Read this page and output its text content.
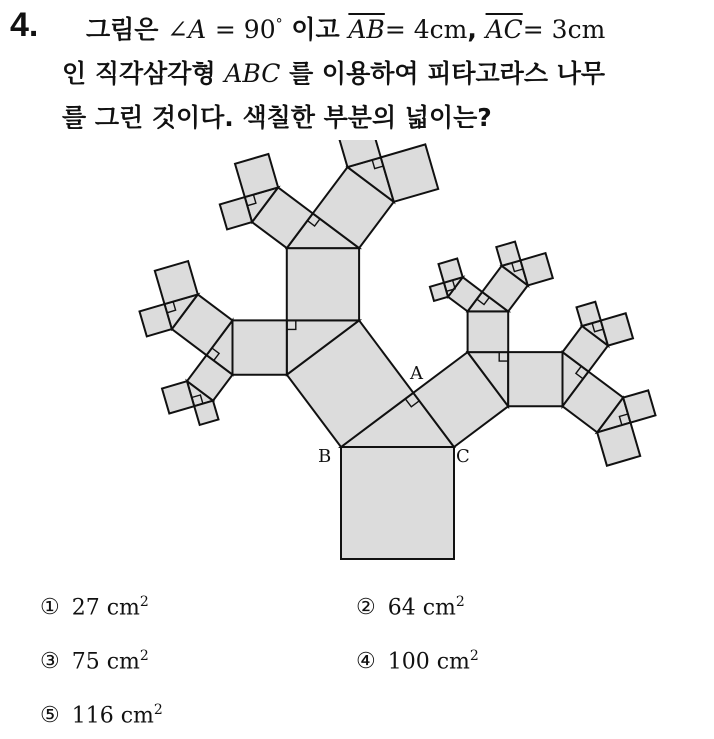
4. 그림은 ∠A = 90° 이고 $\overline{AB}= 4cm$, $\overline{AC}= 3cm$
인 직각삼각형 ABC 를 이용하여 피타고라스 나무
를 그린 것이다. 색칠한 부분의 넓이는?
A
B	C
① 27 $cm^2$	② 64 $cm^2$
③ 75 $cm^2$	④ 100 $cm^2$
⑤ 116 $cm^2$
